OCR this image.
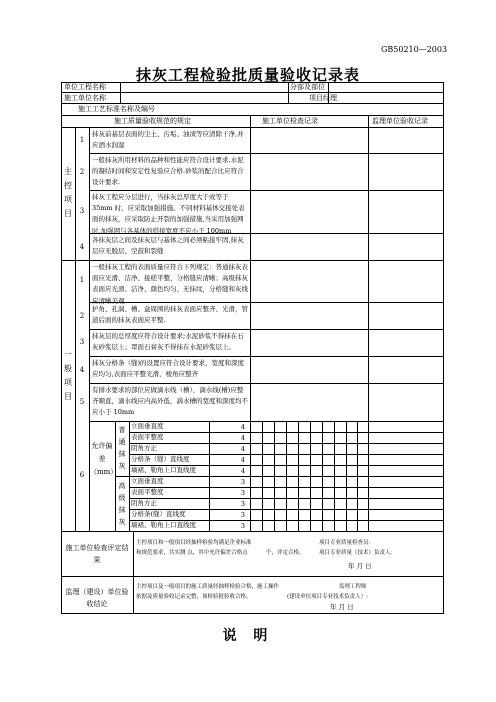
GB50210—2003
抹灰工程检验批质量验收记录表
单位工程名称	分部及部位
施工单位名称	项目经理
施工工艺标准名称及编号
施工质量验收规范的规定	施工单位检查记录	监理单位验收记录
主控项目
1
抹灰前基层表面的尘土、污垢、油渍等应清除干净,并应洒水润湿
2
一般抹灰所用材料的品种和性能应符合设计要求.水泥的凝结时间和安定性复验应合格.砂浆的配合比应符合设计要求.
3
抹灰工程应分层进行，当抹灰总厚度大于或等于35mm 时，应采取加强措施。不同材料基体交接处表面的抹灰，应采取防止开裂的加强措施,当采用加强网时,加强网与各基体的搭接宽度不应小于 100mm
4
各抹灰层之间及抹灰层与基体之间必须粘接牢固,抹灰层应无脱层、空鼓和裂缝
一般项目
1
一般抹灰工程的表面质量应符合下列规定：普通抹灰表面应光滑、洁净、接槎平整，分格缝应清晰；高级抹灰表面应光滑、洁净、颜色均匀、无抹纹，分格缝和灰线应清晰美观.
2
护角、孔洞、槽、盒周围的抹灰表面应整齐、光滑，管道后面的抹灰表面应平整.
3
抹灰层的总厚度应符合设计要求;水泥砂浆不得抹在石灰砂浆层上；罩面石膏灰不得抹在水泥砂浆层上。
4
抹灰分格条（缝)的设置应符合设计要求，宽度和深度应均匀,表面应平整光滑，棱角应整齐
5
有排水要求的部位应做滴水线（槽），滴水线(槽)应整齐顺直，滴水线应内高外低，滴水槽的宽度和深度均不应小于 10mm
6
允许偏差（mm）
普通抹灰
高级抹灰
立面垂直度	4
表面平整度	4
阴角方正	4
分格条（缝）直线度	4
墙裙、勒角上口直线度	4
立面垂直度	3
表面平整度	3
阴角方正	3
分格条(缝）直线度	3
墙裙、勒角上口直线度	3
施工单位检查评定结果
主控项目和一般项目经抽样检验均满足企业标准	项目专业质量检查员：
和规范要求，共实测 点，其中允许偏差合格点	个，评定合格。	项目专业质量（技术）负责人：
年 月 日
监理（建设）单位验收结论
主控项目及一般项目的施工质量经抽样检验合格，施工操作	监理工程师
依据及质量验收记录完整，该检验批验收合格。	(建设单位项目专业技术负责人）:
年 月 日
说 明
